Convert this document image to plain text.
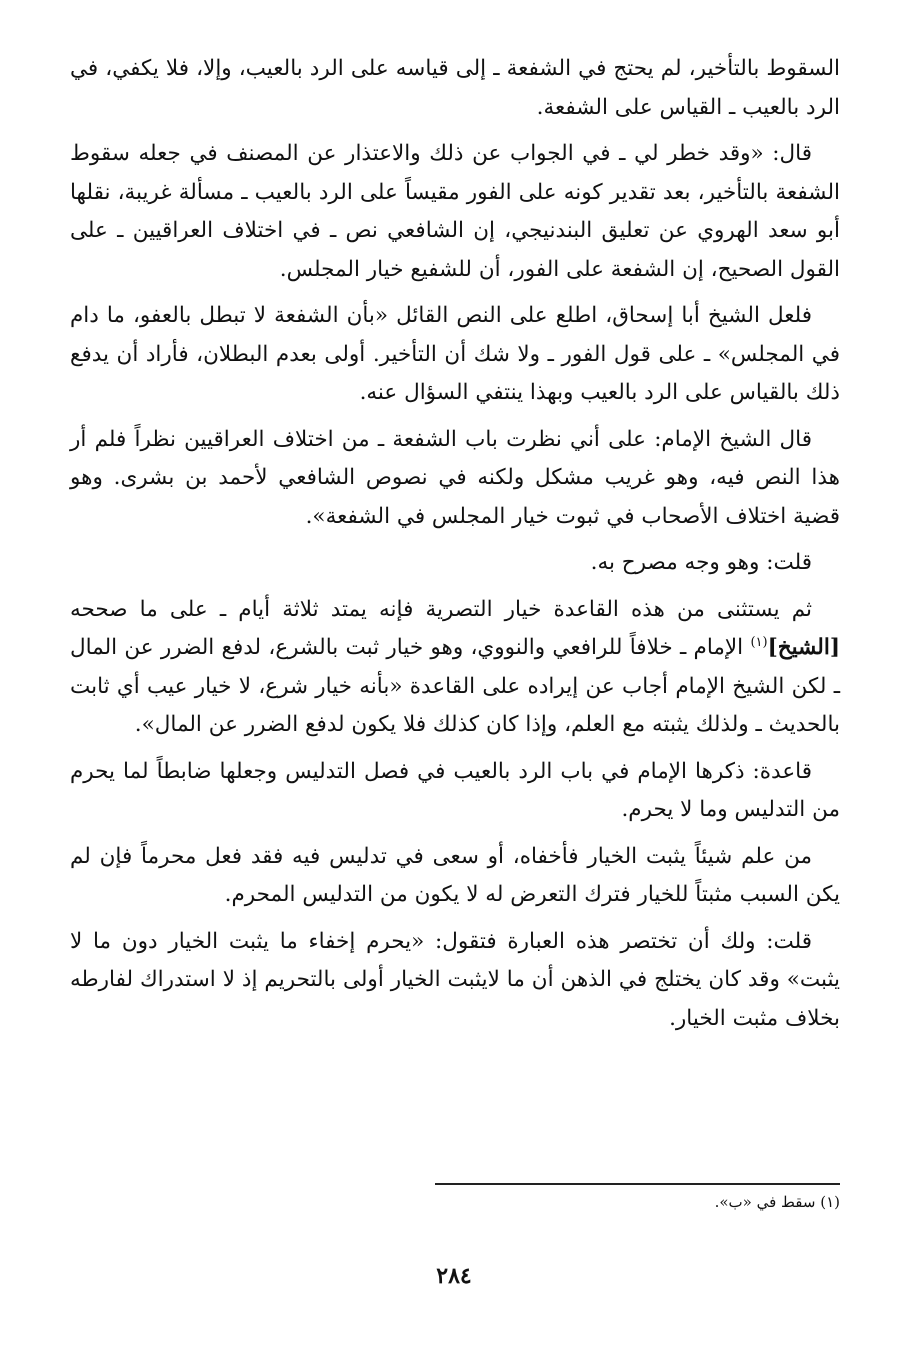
السقوط بالتأخير، لم يحتج في الشفعة ـ إلى قياسه على الرد بالعيب، وإلا، فلا يكفي، في الرد بالعيب ـ القياس على الشفعة.

قال: «وقد خطر لي ـ في الجواب عن ذلك والاعتذار عن المصنف في جعله سقوط الشفعة بالتأخير، بعد تقدير كونه على الفور مقيساً على الرد بالعيب ـ مسألة غريبة، نقلها أبو سعد الهروي عن تعليق البندنيجي، إن الشافعي نص ـ في اختلاف العراقيين ـ على القول الصحيح، إن الشفعة على الفور، أن للشفيع خيار المجلس.

فلعل الشيخ أبا إسحاق، اطلع على النص القائل «بأن الشفعة لا تبطل بالعفو، ما دام في المجلس» ـ على قول الفور ـ ولا شك أن التأخير. أولى بعدم البطلان، فأراد أن يدفع ذلك بالقياس على الرد بالعيب وبهذا ينتفي السؤال عنه.

قال الشيخ الإمام: على أني نظرت باب الشفعة ـ من اختلاف العراقيين نظراً فلم أر هذا النص فيه، وهو غريب مشكل ولكنه في نصوص الشافعي لأحمد بن بشرى. وهو قضية اختلاف الأصحاب في ثبوت خيار المجلس في الشفعة».

قلت: وهو وجه مصرح به.

ثم يستثنى من هذه القاعدة خيار التصرية فإنه يمتد ثلاثة أيام ـ على ما صححه [الشيخ]$^{(١)}$ الإمام ـ خلافاً للرافعي والنووي، وهو خيار ثبت بالشرع، لدفع الضرر عن المال ـ لكن الشيخ الإمام أجاب عن إيراده على القاعدة «بأنه خيار شرع، لا خيار عيب أي ثابت بالحديث ـ ولذلك يثبته مع العلم، وإذا كان كذلك فلا يكون لدفع الضرر عن المال».

قاعدة: ذكرها الإمام في باب الرد بالعيب في فصل التدليس وجعلها ضابطاً لما يحرم من التدليس وما لا يحرم.

من علم شيئاً يثبت الخيار فأخفاه، أو سعى في تدليس فيه فقد فعل محرماً فإن لم يكن السبب مثبتاً للخيار فترك التعرض له لا يكون من التدليس المحرم.

قلت: ولك أن تختصر هذه العبارة فتقول: «يحرم إخفاء ما يثبت الخيار دون ما لا يثبت» وقد كان يختلج في الذهن أن ما لايثبت الخيار أولى بالتحريم إذ لا استدراك لفارطه بخلاف مثبت الخيار.

(١) سقط في «ب».
٢٨٤
